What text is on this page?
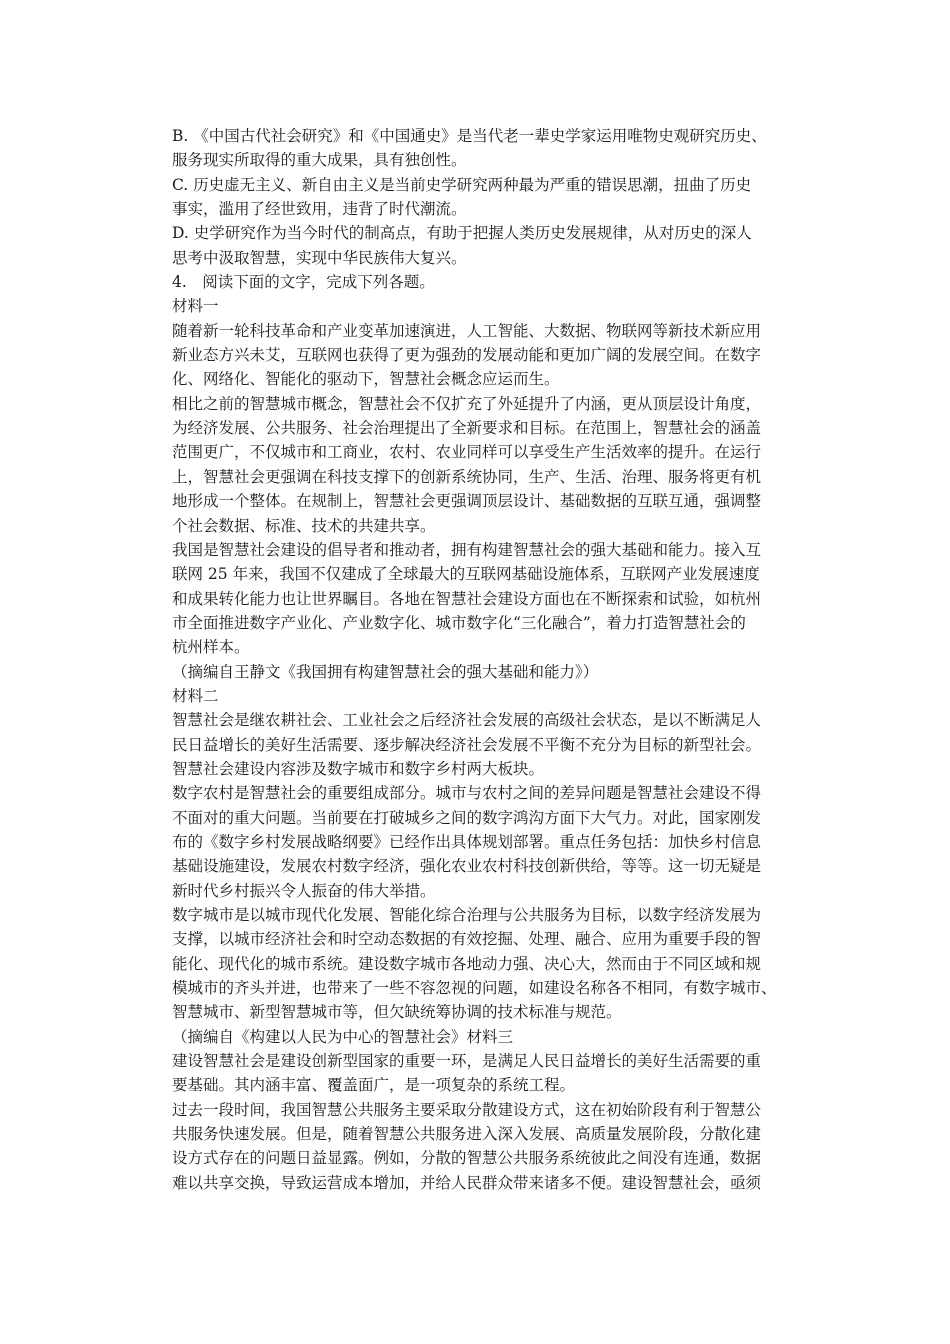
B. 《中国古代社会研究》和《中国通史》是当代老一辈史学家运用唯物史观研究历史、
服务现实所取得的重大成果，具有独创性。
C. 历史虚无主义、新自由主义是当前史学研究两种最为严重的错误思潮，扭曲了历史
事实，滥用了经世致用，违背了时代潮流。
D. 史学研究作为当今时代的制高点，有助于把握人类历史发展规律，从对历史的深人
思考中汲取智慧，实现中华民族伟大复兴。
4.　阅读下面的文字，完成下列各题。
材料一
随着新一轮科技革命和产业变革加速演进，人工智能、大数据、物联网等新技术新应用
新业态方兴未艾，互联网也获得了更为强劲的发展动能和更加广阔的发展空间。在数字
化、网络化、智能化的驱动下，智慧社会概念应运而生。
相比之前的智慧城市概念，智慧社会不仅扩充了外延提升了内涵，更从顶层设计角度，
为经济发展、公共服务、社会治理提出了全新要求和目标。在范围上，智慧社会的涵盖
范围更广，不仅城市和工商业，农村、农业同样可以享受生产生活效率的提升。在运行
上，智慧社会更强调在科技支撑下的创新系统协同，生产、生活、治理、服务将更有机
地形成一个整体。在规制上，智慧社会更强调顶层设计、基础数据的互联互通，强调整
个社会数据、标准、技术的共建共享。
我国是智慧社会建设的倡导者和推动者，拥有构建智慧社会的强大基础和能力。接入互
联网 25 年来，我国不仅建成了全球最大的互联网基础设施体系，互联网产业发展速度
和成果转化能力也让世界瞩目。各地在智慧社会建设方面也在不断探索和试验，如杭州
市全面推进数字产业化、产业数字化、城市数字化“三化融合”，着力打造智慧社会的
杭州样本。
（摘编自王静文《我国拥有构建智慧社会的强大基础和能力》）
材料二
智慧社会是继农耕社会、工业社会之后经济社会发展的高级社会状态，是以不断满足人
民日益增长的美好生活需要、逐步解决经济社会发展不平衡不充分为目标的新型社会。
智慧社会建设内容涉及数字城市和数字乡村两大板块。
数字农村是智慧社会的重要组成部分。城市与农村之间的差异问题是智慧社会建设不得
不面对的重大问题。当前要在打破城乡之间的数字鸿沟方面下大气力。对此，国家刚发
布的《数字乡村发展战略纲要》已经作出具体规划部署。重点任务包括：加快乡村信息
基础设施建设，发展农村数字经济，强化农业农村科技创新供给，等等。这一切无疑是
新时代乡村振兴令人振奋的伟大举措。
数字城市是以城市现代化发展、智能化综合治理与公共服务为目标，以数字经济发展为
支撑，以城市经济社会和时空动态数据的有效挖掘、处理、融合、应用为重要手段的智
能化、现代化的城市系统。建设数字城市各地动力强、决心大，然而由于不同区域和规
模城市的齐头并进，也带来了一些不容忽视的问题，如建设名称各不相同，有数字城市、
智慧城市、新型智慧城市等，但欠缺统筹协调的技术标准与规范。
（摘编自《构建以人民为中心的智慧社会》材料三
建设智慧社会是建设创新型国家的重要一环，是满足人民日益增长的美好生活需要的重
要基础。其内涵丰富、覆盖面广，是一项复杂的系统工程。
过去一段时间，我国智慧公共服务主要采取分散建设方式，这在初始阶段有利于智慧公
共服务快速发展。但是，随着智慧公共服务进入深入发展、高质量发展阶段，分散化建
设方式存在的问题日益显露。例如，分散的智慧公共服务系统彼此之间没有连通，数据
难以共享交换，导致运营成本增加，并给人民群众带来诸多不便。建设智慧社会，亟须
